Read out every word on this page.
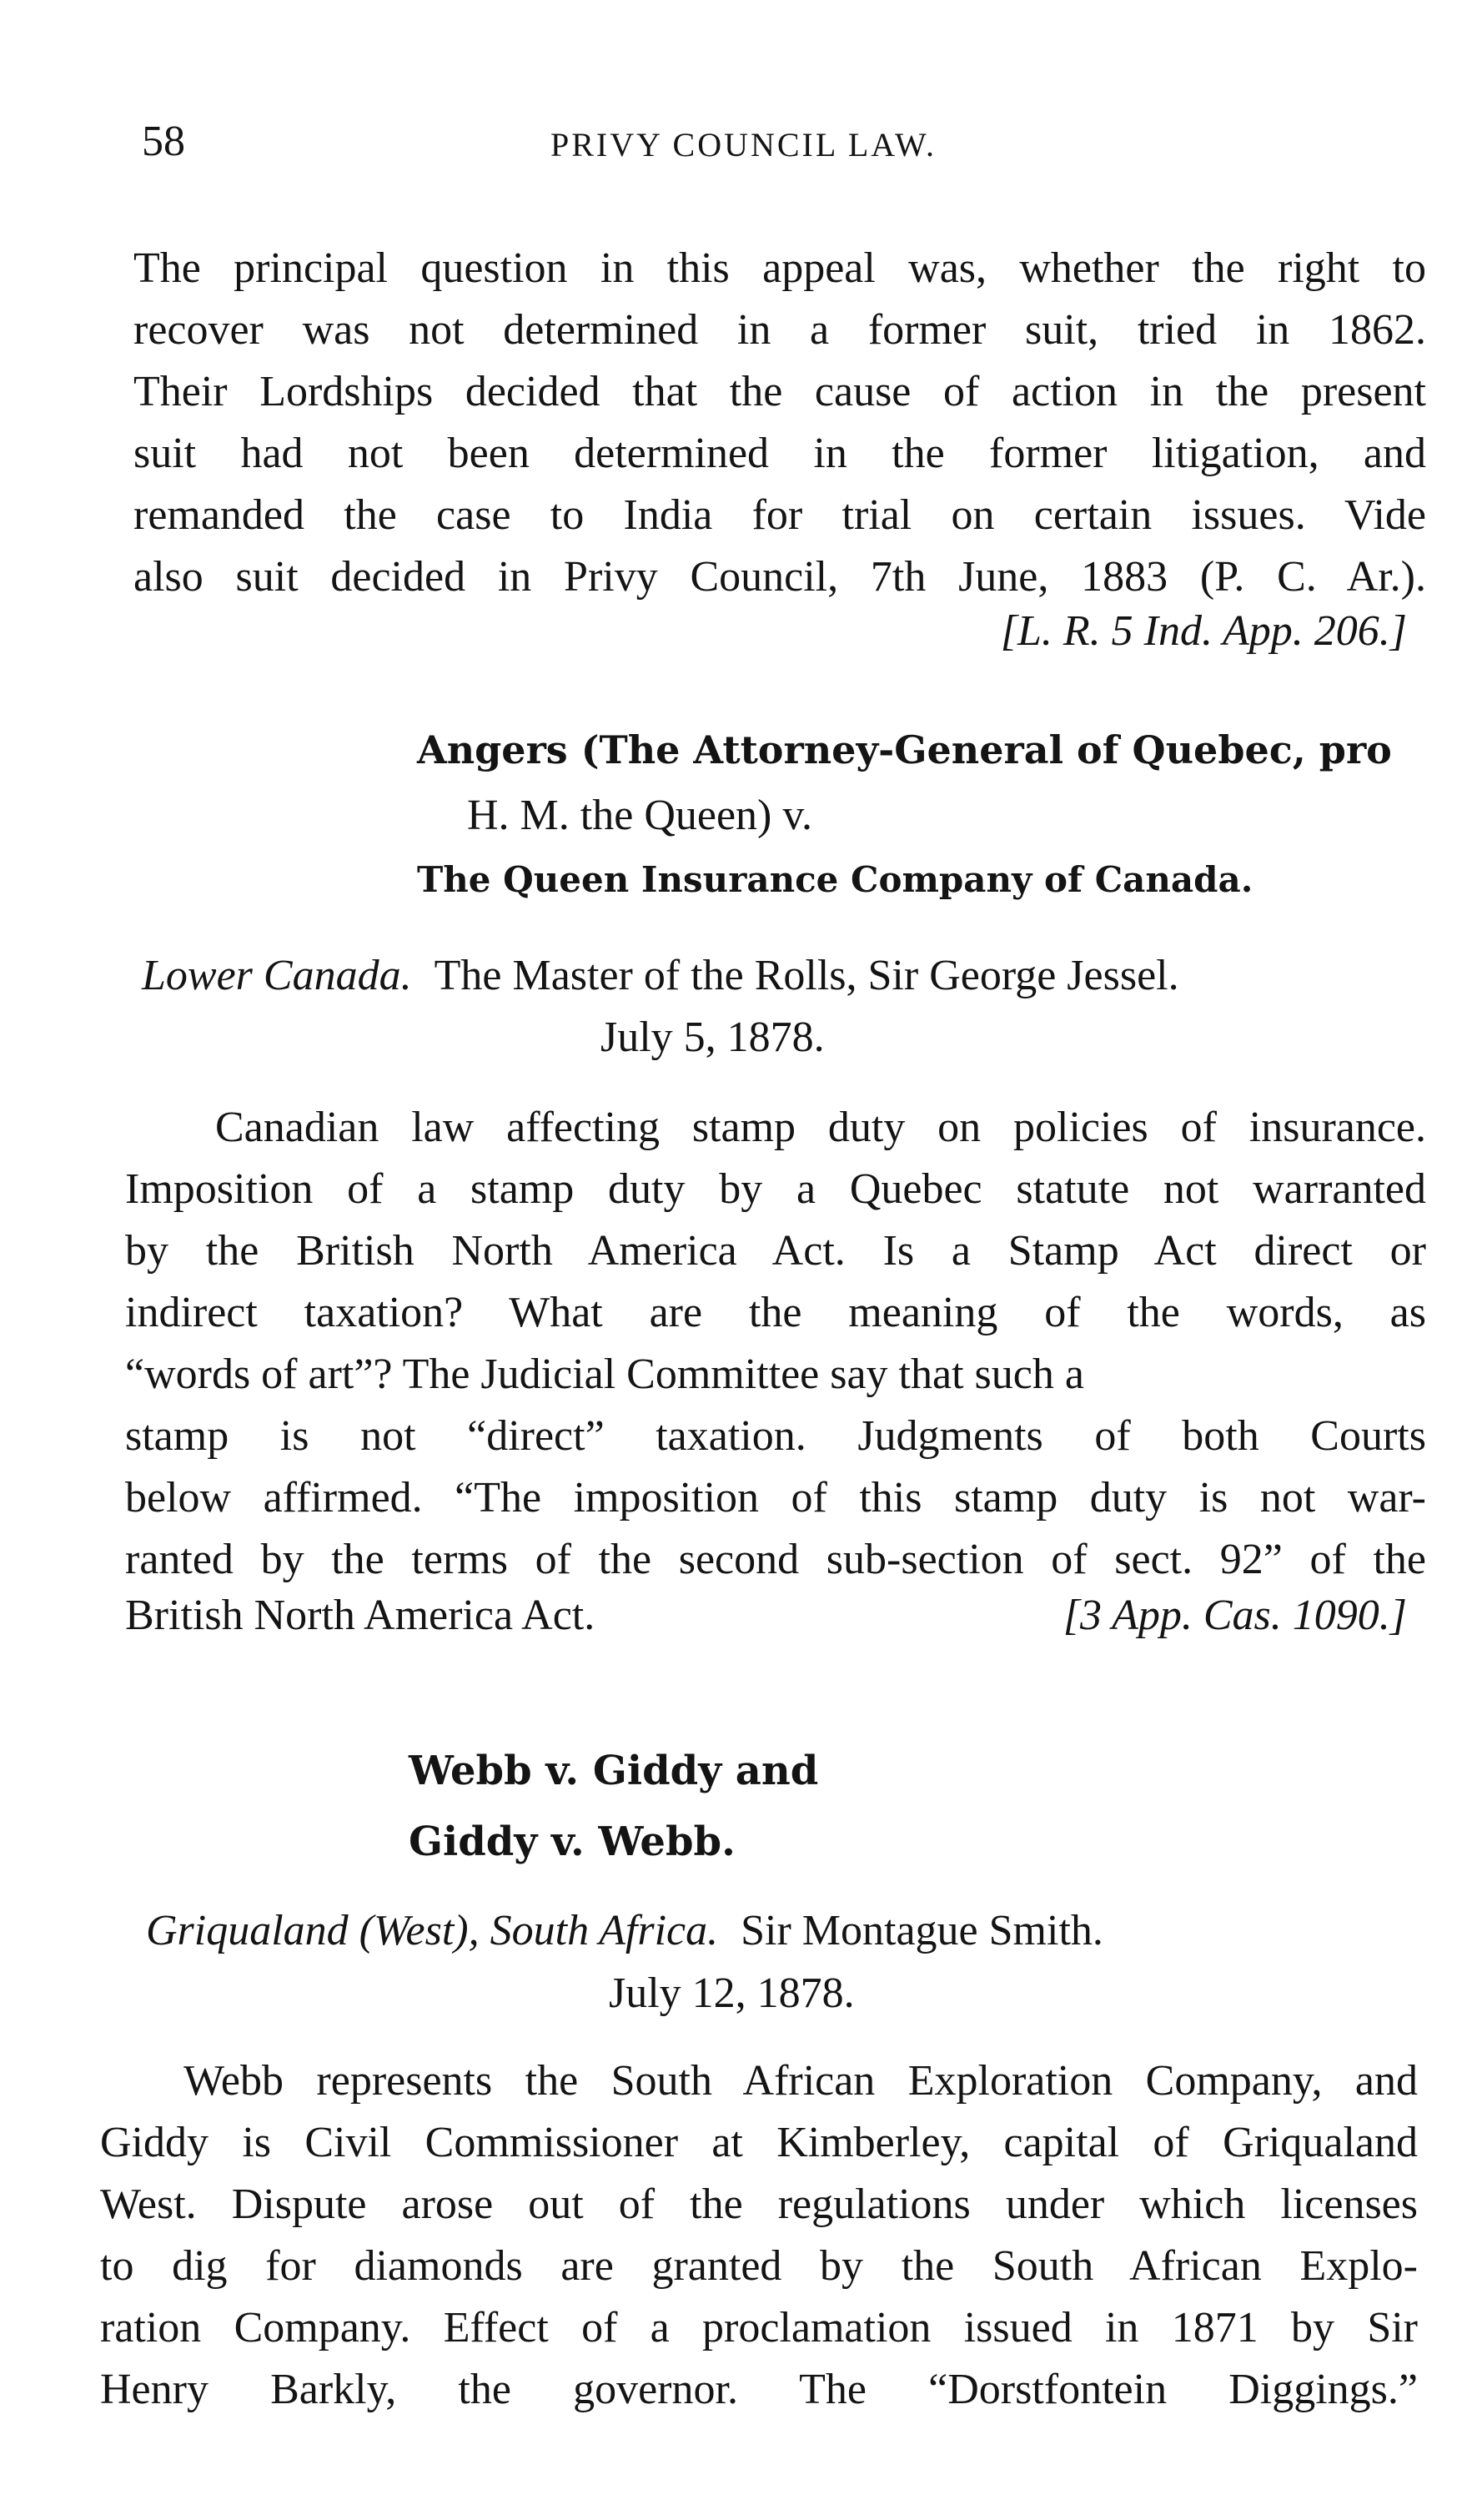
58	PRIVY COUNCIL LAW.
The principal question in this appeal was, whether the right to
recover was not determined in a former suit, tried in 1862.
Their Lordships decided that the cause of action in the present
suit had not been determined in the former litigation, and
remanded the case to India for trial on certain issues. Vide
also suit decided in Privy Council, 7th June, 1883 (P. C. Ar.).
[L. R. 5 Ind. App. 206.]
Angers (The Attorney-General of Quebec, pro
H. M. the Queen) v.
The Queen Insurance Company of Canada.
Lower Canada. The Master of the Rolls, Sir George Jessel.
July 5, 1878.
Canadian law affecting stamp duty on policies of insurance.
Imposition of a stamp duty by a Quebec statute not warranted
by the British North America Act. Is a Stamp Act direct or
indirect taxation? What are the meaning of the words, as
“words of art”? The Judicial Committee say that such a
stamp is not “direct” taxation. Judgments of both Courts
below affirmed. “The imposition of this stamp duty is not war-
ranted by the terms of the second sub-section of sect. 92” of the
British North America Act.	[3 App. Cas. 1090.]
Webb v. Giddy and
Giddy v. Webb.
Griqualand (West), South Africa. Sir Montague Smith.
July 12, 1878.
Webb represents the South African Exploration Company, and
Giddy is Civil Commissioner at Kimberley, capital of Griqualand
West. Dispute arose out of the regulations under which licenses
to dig for diamonds are granted by the South African Explo-
ration Company. Effect of a proclamation issued in 1871 by Sir
Henry Barkly, the governor. The “Dorstfontein Diggings.”
